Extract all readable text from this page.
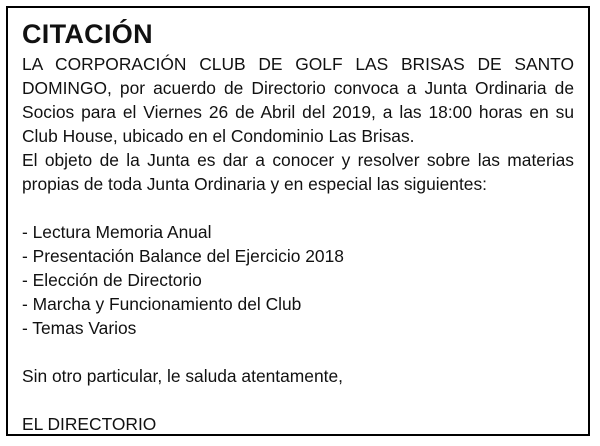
CITACIÓN

LA CORPORACIÓN CLUB DE GOLF LAS BRISAS DE SANTO
DOMINGO, por acuerdo de Directorio convoca a Junta Ordinaria de Socios para el Viernes 26 de Abril del 2019, a las 18:00 horas en su Club House, ubicado en el Condominio Las Brisas.

El objeto de la Junta es dar a conocer y resolver sobre las materias propias de toda Junta Ordinaria y en especial las siguientes:

- Lectura Memoria Anual
- Presentación Balance del Ejercicio 2018
- Elección de Directorio
- Marcha y Funcionamiento del Club
- Temas Varios

Sin otro particular, le saluda atentamente,

EL DIRECTORIO
